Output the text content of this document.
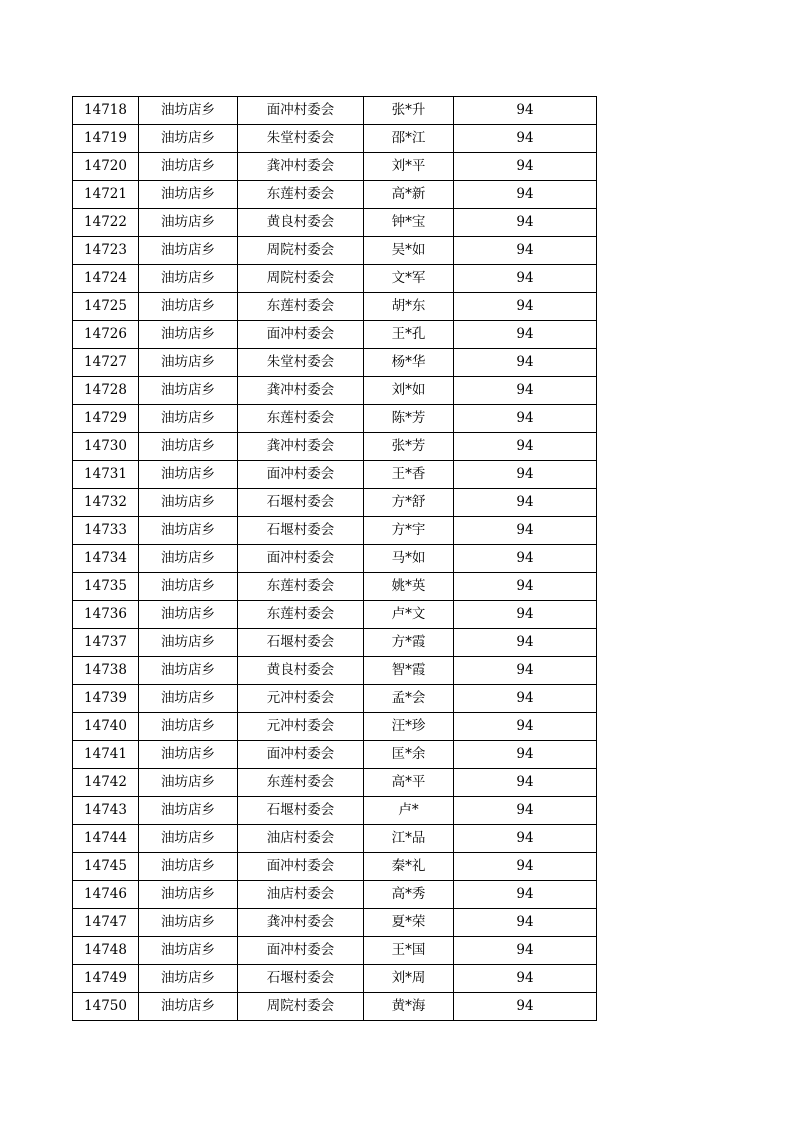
14718	油坊店乡	面冲村委会	张*升	94
14719	油坊店乡	朱堂村委会	邵*江	94
14720	油坊店乡	龚冲村委会	刘*平	94
14721	油坊店乡	东莲村委会	高*新	94
14722	油坊店乡	黄良村委会	钟*宝	94
14723	油坊店乡	周院村委会	吴*如	94
14724	油坊店乡	周院村委会	文*军	94
14725	油坊店乡	东莲村委会	胡*东	94
14726	油坊店乡	面冲村委会	王*孔	94
14727	油坊店乡	朱堂村委会	杨*华	94
14728	油坊店乡	龚冲村委会	刘*如	94
14729	油坊店乡	东莲村委会	陈*芳	94
14730	油坊店乡	龚冲村委会	张*芳	94
14731	油坊店乡	面冲村委会	王*香	94
14732	油坊店乡	石堰村委会	方*舒	94
14733	油坊店乡	石堰村委会	方*宇	94
14734	油坊店乡	面冲村委会	马*如	94
14735	油坊店乡	东莲村委会	姚*英	94
14736	油坊店乡	东莲村委会	卢*文	94
14737	油坊店乡	石堰村委会	方*霞	94
14738	油坊店乡	黄良村委会	智*霞	94
14739	油坊店乡	元冲村委会	孟*会	94
14740	油坊店乡	元冲村委会	汪*珍	94
14741	油坊店乡	面冲村委会	匡*余	94
14742	油坊店乡	东莲村委会	高*平	94
14743	油坊店乡	石堰村委会	卢*	94
14744	油坊店乡	油店村委会	江*品	94
14745	油坊店乡	面冲村委会	秦*礼	94
14746	油坊店乡	油店村委会	高*秀	94
14747	油坊店乡	龚冲村委会	夏*荣	94
14748	油坊店乡	面冲村委会	王*国	94
14749	油坊店乡	石堰村委会	刘*周	94
14750	油坊店乡	周院村委会	黄*海	94
